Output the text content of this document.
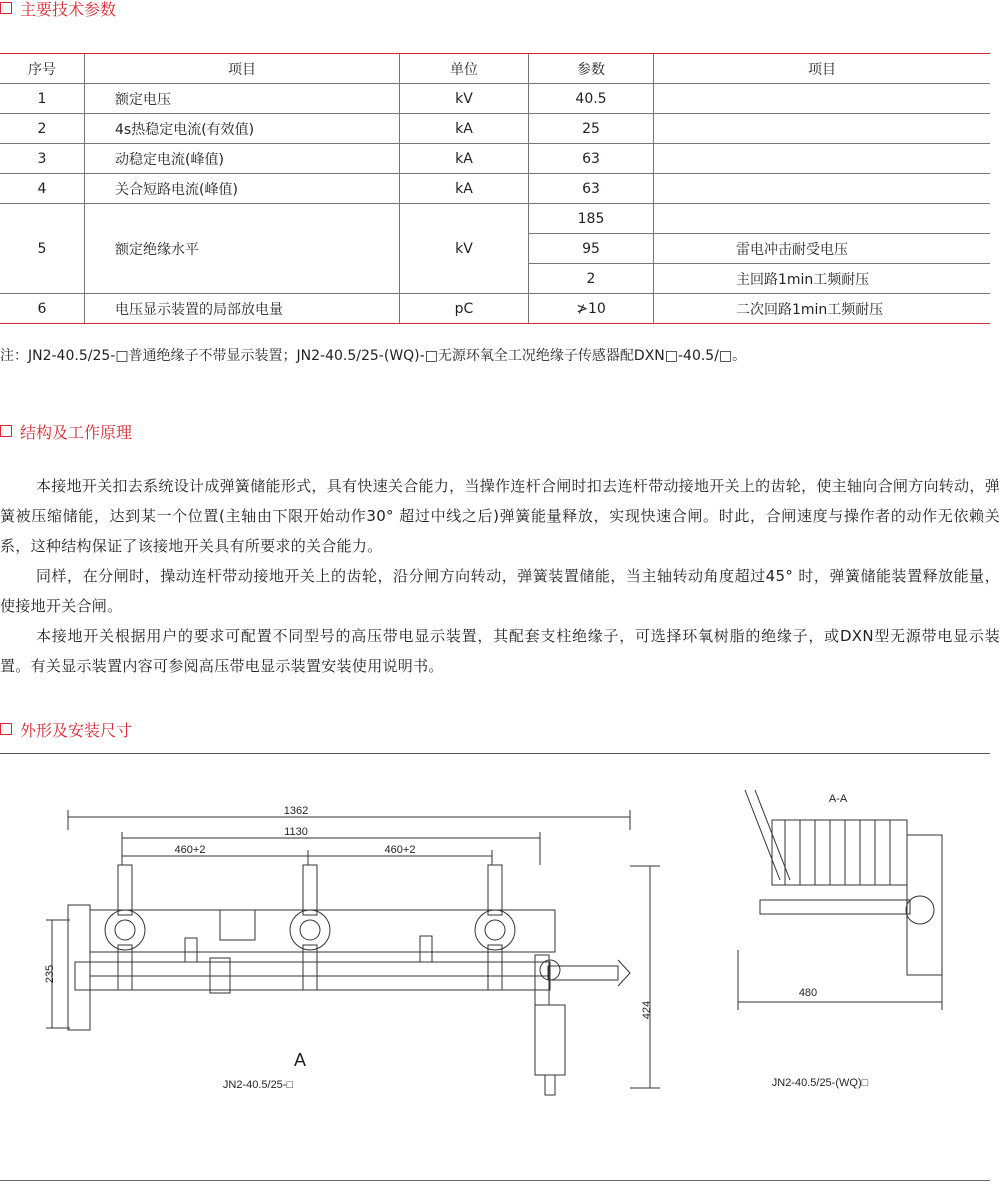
主要技术参数
序号	项目	单位	参数	项目
1	额定电压	kV	40.5	
2	4s热稳定电流(有效值)	kA	25	
3	动稳定电流(峰值)	kA	63	
4	关合短路电流(峰值)	kA	63	
5	额定绝缘水平	kV	185	
			95	雷电冲击耐受电压
			2	主回路1min工频耐压
6	电压显示装置的局部放电量	pC	≯10	二次回路1min工频耐压
注：JN2-40.5/25-□普通绝缘子不带显示装置；JN2-40.5/25-(WQ)-□无源环氧全工况绝缘子传感器配DXN□-40.5/□。
结构及工作原理
本接地开关扣去系统设计成弹簧储能形式，具有快速关合能力，当操作连杆合闸时扣去连杆带动接地开关上的齿轮，使主轴向合闸方向转动，弹簧被压缩储能，达到某一个位置(主轴由下限开始动作30° 超过中线之后)弹簧能量释放，实现快速合闸。时此，合闸速度与操作者的动作无依赖关系，这种结构保证了该接地开关具有所要求的关合能力。
同样，在分闸时，操动连杆带动接地开关上的齿轮，沿分闸方向转动，弹簧装置储能，当主轴转动角度超过45° 时，弹簧储能装置释放能量，使接地开关合闸。
本接地开关根据用户的要求可配置不同型号的高压带电显示装置，其配套支柱绝缘子，可选择环氧树脂的绝缘子，或DXN型无源带电显示装置。有关显示装置内容可参阅高压带电显示装置安装使用说明书。
外形及安装尺寸
1362
1130
460+2	460+2
235
424
A
JN2-40.5/25-□
A-A
480
JN2-40.5/25-(WQ)□
